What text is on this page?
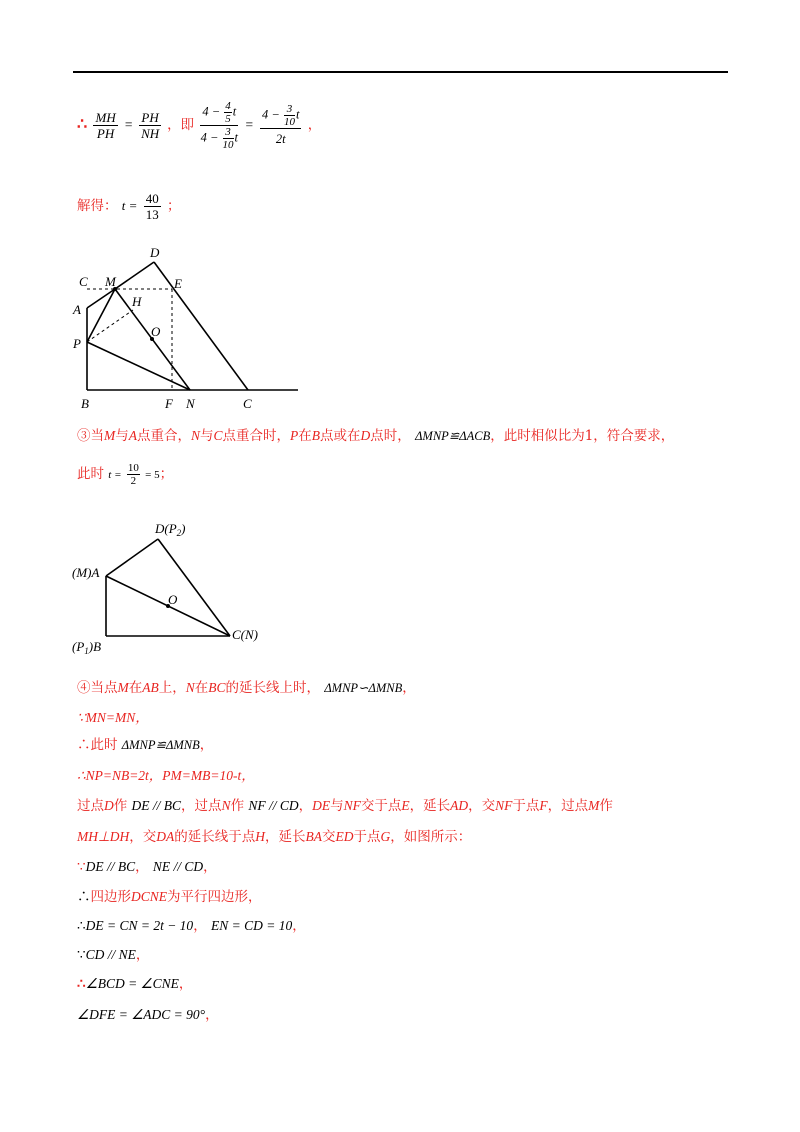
∴ $\frac{MH}{PH} = \frac{PH}{NH}$ ，即 $\frac{4 - \frac{4}{5} t}{4 - \frac{3}{10} t} = \frac{4 - \frac{3}{10} t}{2t}$ ，
解得： $t = \frac{40}{13}$ ；
D
C M	E
A
H
O
P
B	F N	C
③当M与A点重合，N与C点重合时，P在B点或在D点时， ΔMNP≌ΔACB，此时相似比为1，符合要求，
此时 $t = \frac{10}{2} = 5$；
$D(P_2)$
(M)A
O
C(N)
$(P_1)B$
④当点M在AB上，N在BC的延长线上时， ΔMNP∽ΔMNB，
∵MN=MN，
∴此时 ΔMNP≌ΔMNB，
∴NP=NB=2t，PM=MB=10-t，
过点D作 DE // BC，过点N作 NF // CD，DE与NF交于点E，延长AD，交NF于点F，过点M作
MH⊥DH，交DA的延长线于点H，延长BA交ED于点G，如图所示：
∵DE // BC， NE // CD，
∴四边形DCNE为平行四边形，
∴DE = CN = 2t − 10， EN = CD = 10，
∵CD // NE，
∴∠BCD = ∠CNE，
∠DFE = ∠ADC = 90°，
